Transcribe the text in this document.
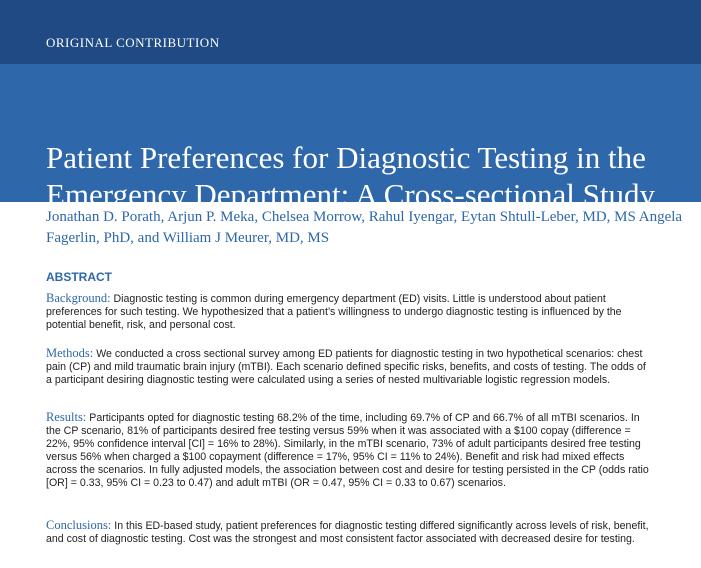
ORIGINAL CONTRIBUTION
Patient Preferences for Diagnostic Testing in the Emergency Department: A Cross-sectional Study

Jonathan D. Porath, Arjun P. Meka, Chelsea Morrow, Rahul Iyengar, Eytan Shtull-Leber, MD, MS Angela Fagerlin, PhD, and William J Meurer, MD, MS

ABSTRACT

Background: Diagnostic testing is common during emergency department (ED) visits. Little is understood about patient preferences for such testing. We hypothesized that a patient’s willingness to undergo diagnostic testing is influenced by the potential benefit, risk, and personal cost.

Methods: We conducted a cross sectional survey among ED patients for diagnostic testing in two hypothetical scenarios: chest pain (CP) and mild traumatic brain injury (mTBI). Each scenario defined specific risks, benefits, and costs of testing. The odds of a participant desiring diagnostic testing were calculated using a series of nested multivariable logistic regression models.

Results: Participants opted for diagnostic testing 68.2% of the time, including 69.7% of CP and 66.7% of all mTBI scenarios. In the CP scenario, 81% of participants desired free testing versus 59% when it was associated with a $100 copay (difference = 22%, 95% confidence interval [CI] = 16% to 28%). Similarly, in the mTBI scenario, 73% of adult participants desired free testing versus 56% when charged a $100 copayment (difference = 17%, 95% CI = 11% to 24%). Benefit and risk had mixed effects across the scenarios. In fully adjusted models, the association between cost and desire for testing persisted in the CP (odds ratio [OR] = 0.33, 95% CI = 0.23 to 0.47) and adult mTBI (OR = 0.47, 95% CI = 0.33 to 0.67) scenarios.

Conclusions: In this ED-based study, patient preferences for diagnostic testing differed significantly across levels of risk, benefit, and cost of diagnostic testing. Cost was the strongest and most consistent factor associated with decreased desire for testing.
